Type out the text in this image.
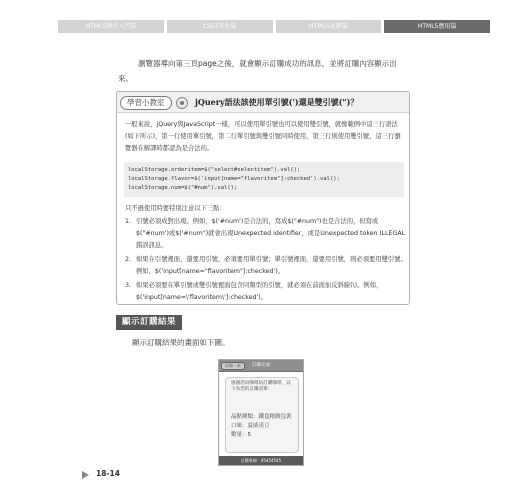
HTML5網頁入門篇	CSS3美化篇	HTML5進階篇	HTML5應用篇

瀏覽器導向第三頁page之後，就會顯示訂購成功的訊息，並將訂購內容顯示出來。

學習小教室	jQuery語法該使用單引號(')還是雙引號(")？

一般來說，jQuery與JavaScript一樣，可以使用單引號也可以使用雙引號，就像範例中這三行語法(如下所示)，第一行使用單引號，第二行單引號與雙引號同時使用，第三行則使用雙引號，這三行瀏覽器在解譯時都認為是合法的。

localStorage.orderitem=$("select#selectitem").val();
localStorage.flavor=$('input[name="flavoritem"]:checked').val();
localStorage.num=$("#num").val();

只不過使用時要特別注意以下三點：

1. 引號必須成對出現。例如，$('#num')是合法的，寫成$("#num")也是合法的，但寫成$("#num')或$('#num")就會出現Unexpected identifier，或是Unexpected token ILLEGAL錯誤訊息。
2. 如果在引號裡面，還要用引號，必須要用單引號；單引號裡面，還要用引號，則必須要用雙引號。例如，$('input[name="flavoritem"]:checked')。
3. 如果必須要在單引號或雙引號裡面包含同類型的引號，就必須在前面加反斜線(\)。例如，$('input[name=\'flavoritem\']:checked')。
顯示訂購結果

顯示訂購結果的畫面如下圖。

訂購完成
回第一頁

感謝您向咖啡坊訂購咖啡，以下為您的訂購清單：

品點種類：鐵盒精緻包裝
口味：夏威夷豆
數量：5
訂購專線：45454545
18-14
